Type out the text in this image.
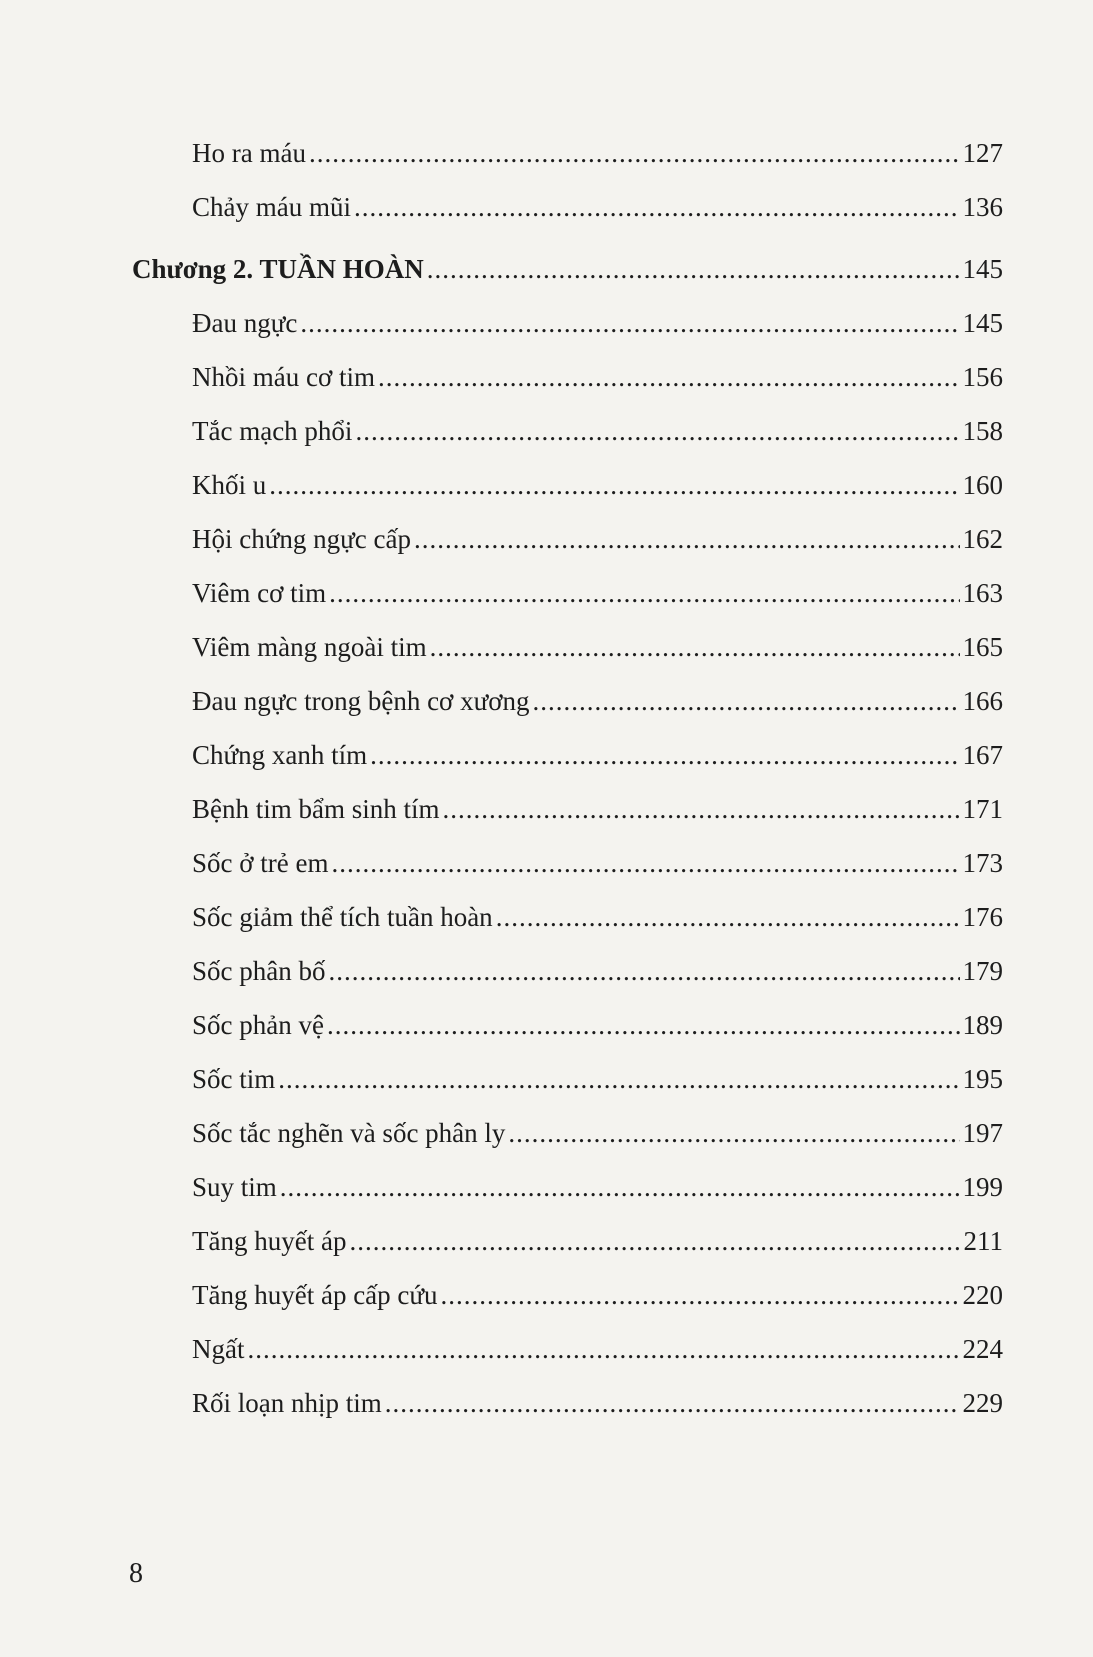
Ho ra máu .....	127
Chảy máu mũi .....	136
Chương 2. TUẦN HOÀN .....	145
Đau ngực .....	145
Nhồi máu cơ tim .....	156
Tắc mạch phổi .....	158
Khối u .....	160
Hội chứng ngực cấp .....	162
Viêm cơ tim .....	163
Viêm màng ngoài tim .....	165
Đau ngực trong bệnh cơ xương .....	166
Chứng xanh tím .....	167
Bệnh tim bẩm sinh tím .....	171
Sốc ở trẻ em .....	173
Sốc giảm thể tích tuần hoàn .....	176
Sốc phân bố .....	179
Sốc phản vệ .....	189
Sốc tim .....	195
Sốc tắc nghẽn và sốc phân ly .....	197
Suy tim .....	199
Tăng huyết áp .....	211
Tăng huyết áp cấp cứu .....	220
Ngất .....	224
Rối loạn nhịp tim .....	229
8
